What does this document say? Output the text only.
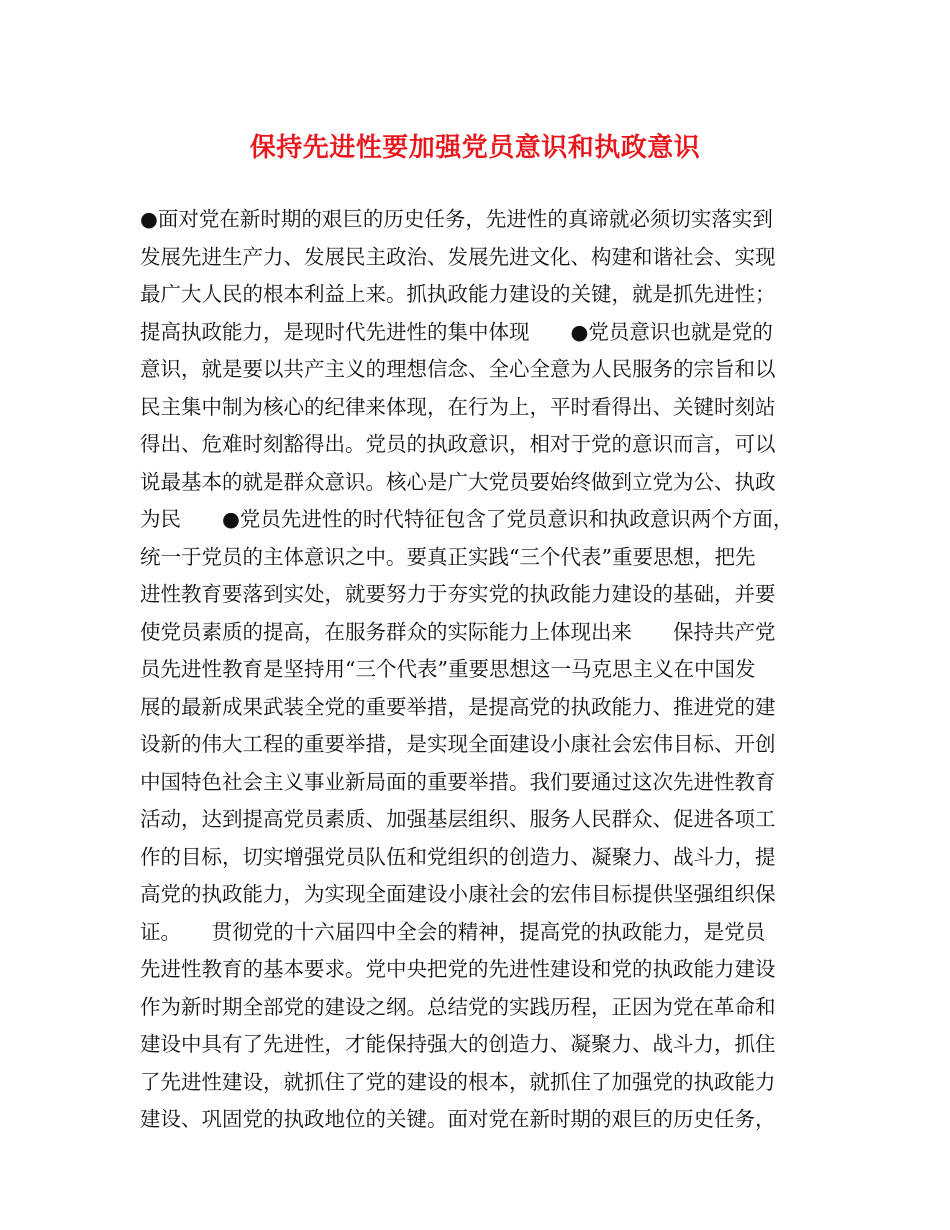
保持先进性要加强党员意识和执政意识
●面对党在新时期的艰巨的历史任务，先进性的真谛就必须切实落实到
发展先进生产力、发展民主政治、发展先进文化、构建和谐社会、实现
最广大人民的根本利益上来。抓执政能力建设的关键，就是抓先进性；
提高执政能力，是现时代先进性的集中体现　　●党员意识也就是党的
意识，就是要以共产主义的理想信念、全心全意为人民服务的宗旨和以
民主集中制为核心的纪律来体现，在行为上，平时看得出、关键时刻站
得出、危难时刻豁得出。党员的执政意识，相对于党的意识而言，可以
说最基本的就是群众意识。核心是广大党员要始终做到立党为公、执政
为民　　●党员先进性的时代特征包含了党员意识和执政意识两个方面，
统一于党员的主体意识之中。要真正实践“三个代表”重要思想，把先
进性教育要落到实处，就要努力于夯实党的执政能力建设的基础，并要
使党员素质的提高，在服务群众的实际能力上体现出来　　保持共产党
员先进性教育是坚持用“三个代表”重要思想这一马克思主义在中国发
展的最新成果武装全党的重要举措，是提高党的执政能力、推进党的建
设新的伟大工程的重要举措，是实现全面建设小康社会宏伟目标、开创
中国特色社会主义事业新局面的重要举措。我们要通过这次先进性教育
活动，达到提高党员素质、加强基层组织、服务人民群众、促进各项工
作的目标，切实增强党员队伍和党组织的创造力、凝聚力、战斗力，提
高党的执政能力，为实现全面建设小康社会的宏伟目标提供坚强组织保
证。　　贯彻党的十六届四中全会的精神，提高党的执政能力，是党员
先进性教育的基本要求。党中央把党的先进性建设和党的执政能力建设
作为新时期全部党的建设之纲。总结党的实践历程，正因为党在革命和
建设中具有了先进性，才能保持强大的创造力、凝聚力、战斗力，抓住
了先进性建设，就抓住了党的建设的根本，就抓住了加强党的执政能力
建设、巩固党的执政地位的关键。面对党在新时期的艰巨的历史任务，
